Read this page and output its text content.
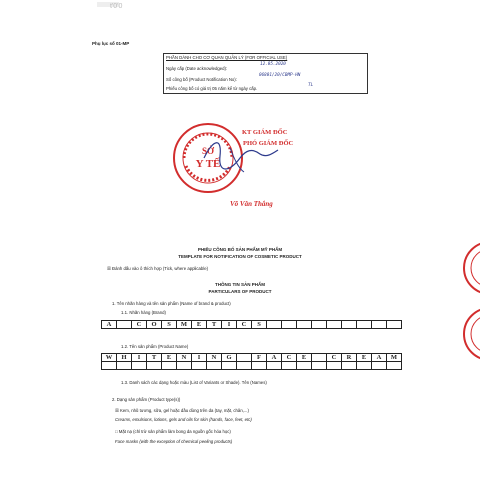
t'0'0
Phụ lục số 01-MP
PHẦN DÀNH CHO CƠ QUAN QUẢN LÝ (FOR OFFICIAL USE)
Ngày cấp (Date acknowledged):
12.05.2020
Số công bố (Product Notification No):
06801/20/CBMP-HN
Phiếu công bố có giá trị 05 năm kể từ ngày cấp.
TL
SỞ
Y TẾ
KT GIÁM ĐỐC
PHÓ GIÁM ĐỐC
Võ Văn Thắng
PHIẾU CÔNG BỐ SẢN PHẨM MỸ PHẨM
TEMPLATE FOR NOTIFICATION OF COSMETIC PRODUCT
☒ Đánh dấu vào ô thích hợp (Tick, where applicable)
THÔNG TIN SẢN PHẨM
PARTICULARS OF PRODUCT
1. Tên nhãn hàng và tên sản phẩm (Name of brand & product)
1.1. Nhãn hàng (Brand)
A	C	O	S	M	E	T	I	C	S
1.2. Tên sản phẩm (Product Name)
W	H	I	T	E	N	I	N	G	F	A	C	E	C	R	E	A	M
1.3. Danh sách các dạng hoặc màu (List of Variants or Shade). Tên (Names)
2. Dạng sản phẩm (Product type(s))
☒ Kem, nhũ tương, sữa, gel hoặc dầu dùng trên da (tay, mặt, chân,...)
Creams, emulsions, lotions, gels and oils for skin (hands, face, feet, etc)
□ Mặt nạ (chỉ trừ sản phẩm làm bong da nguồn gốc hóa học)
Face masks (with the exception of chemical peeling products)
